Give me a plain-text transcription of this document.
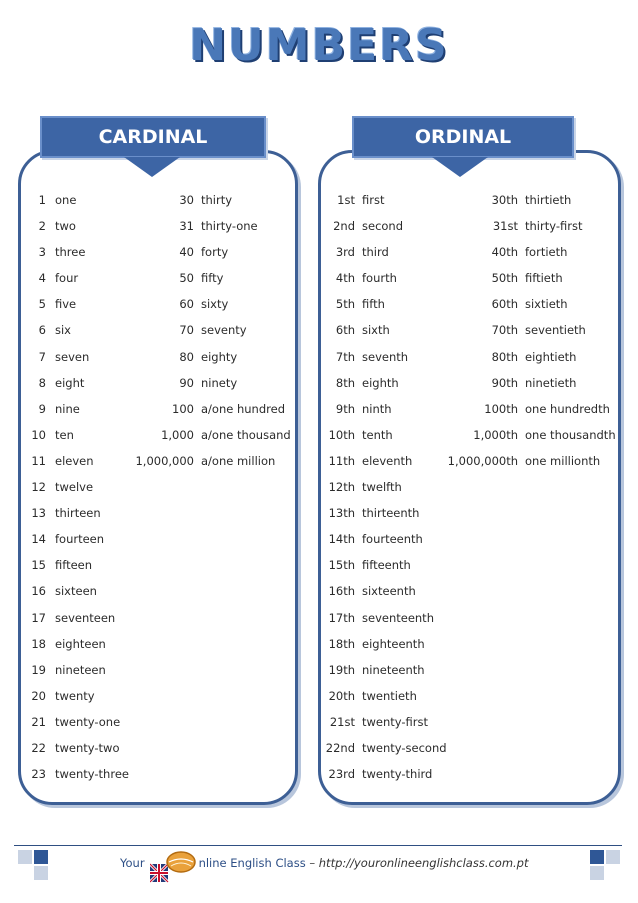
NUMBERS
CARDINAL	ORDINAL
1 one
2 two
3 three
4 four
5 five
6 six
7 seven
8 eight
9 nine
10 ten
11 eleven
12 twelve
13 thirteen
14 fourteen
15 fifteen
16 sixteen
17 seventeen
18 eighteen
19 nineteen
20 twenty
21 twenty-one
22 twenty-two
23 twenty-three
30 thirty
31 thirty-one
40 forty
50 fifty
60 sixty
70 seventy
80 eighty
90 ninety
100 a/one hundred
1,000 a/one thousand
1,000,000 a/one million
1st first
2nd second
3rd third
4th fourth
5th fifth
6th sixth
7th seventh
8th eighth
9th ninth
10th tenth
11th eleventh
12th twelfth
13th thirteenth
14th fourteenth
15th fifteenth
16th sixteenth
17th seventeenth
18th eighteenth
19th nineteenth
20th twentieth
21st twenty-first
22nd twenty-second
23rd twenty-third
30th thirtieth
31st thirty-first
40th fortieth
50th fiftieth
60th sixtieth
70th seventieth
80th eightieth
90th ninetieth
100th one hundredth
1,000th one thousandth
1,000,000th one millionth
Your	nline English Class – http://youronlineenglishclass.com.pt
